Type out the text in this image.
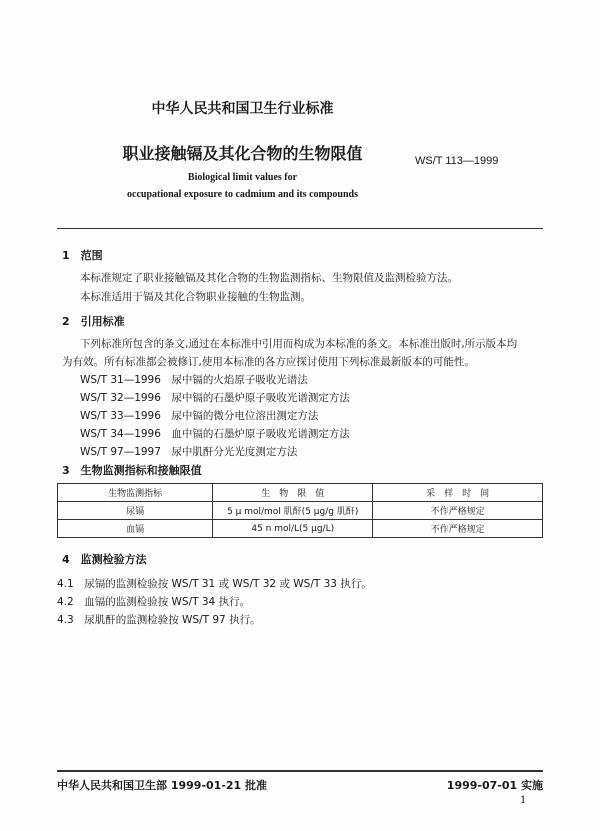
中华人民共和国卫生行业标准
职业接触镉及其化合物的生物限值	WS/T 113—1999
Biological limit values for
occupational exposure to cadmium and its compounds
1　范围
本标准规定了职业接触镉及其化合物的生物监测指标、生物限值及监测检验方法。
本标准适用于镉及其化合物职业接触的生物监测。
2　引用标准
下列标准所包含的条文,通过在本标准中引用而构成为本标准的条文。本标准出版时,所示版本均
为有效。所有标准都会被修订,使用本标准的各方应探讨使用下列标准最新版本的可能性。
WS/T 31—1996　 尿中镉的火焰原子吸收光谱法
WS/T 32—1996　 尿中镉的石墨炉原子吸收光谱测定方法
WS/T 33—1996　 尿中镉的微分电位溶出测定方法
WS/T 34—1996　 血中镉的石墨炉原子吸收光谱测定方法
WS/T 97—1997　 尿中肌酐分光光度测定方法
3　生物监测指标和接触限值
生物监测指标	生　物　限　值	采　样　时　间
尿镉	5 μ mol/mol 肌酐(5 μg/g 肌酐)	不作严格规定
血镉	45 n mol/L(5 μg/L)	不作严格规定
4　监测检验方法
4.1　尿镉的监测检验按 WS/T 31 或 WS/T 32 或 WS/T 33 执行。
4.2　血镉的监测检验按 WS/T 34 执行。
4.3　尿肌酐的监测检验按 WS/T 97 执行。
中华人民共和国卫生部 1999-01-21 批准	1999-07-01 实施
1
